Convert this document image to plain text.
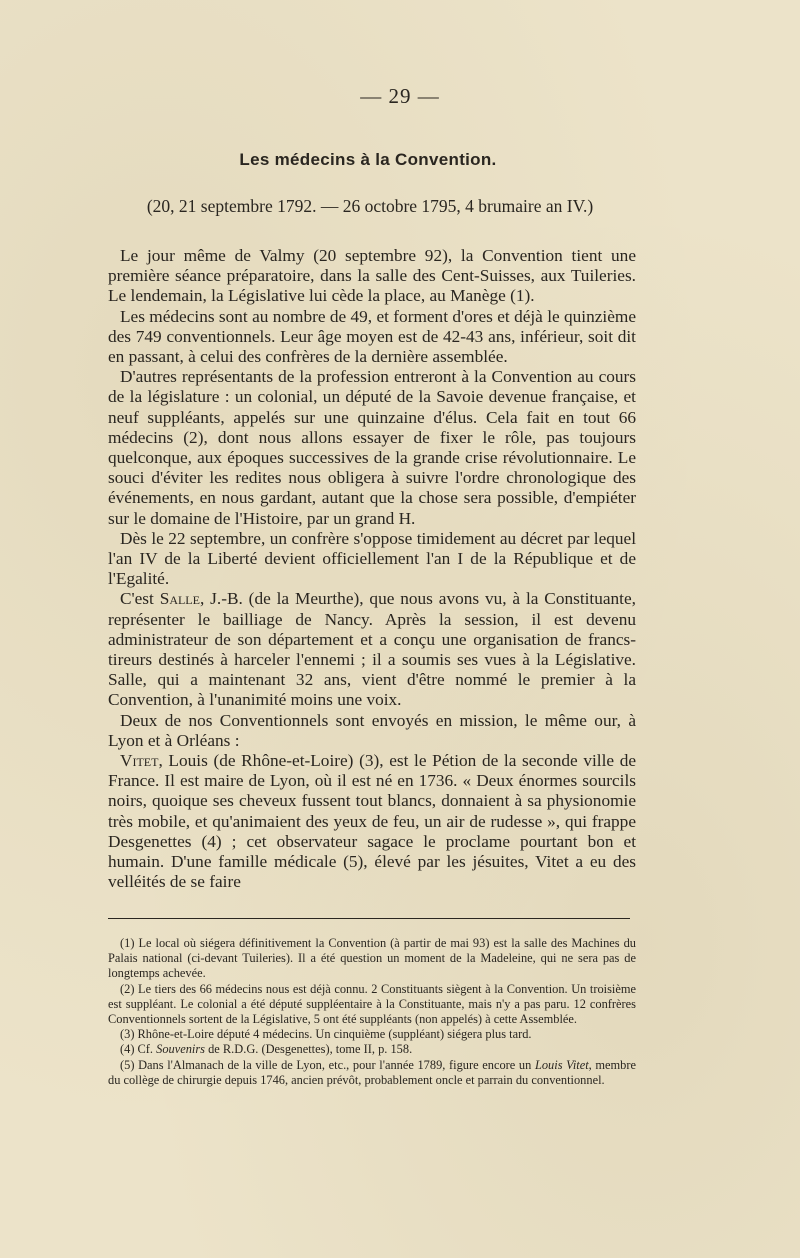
— 29 —
Les médecins à la Convention.
(20, 21 septembre 1792. — 26 octobre 1795, 4 brumaire an IV.)

Le jour même de Valmy (20 septembre 92), la Convention tient une première séance préparatoire, dans la salle des Cent-Suisses, aux Tuileries. Le lendemain, la Législative lui cède la place, au Manège (1).

Les médecins sont au nombre de 49, et forment d'ores et déjà le quinzième des 749 conventionnels. Leur âge moyen est de 42-43 ans, inférieur, soit dit en passant, à celui des confrères de la dernière assemblée.

D'autres représentants de la profession entreront à la Convention au cours de la législature : un colonial, un député de la Savoie devenue française, et neuf suppléants, appelés sur une quinzaine d'élus. Cela fait en tout 66 médecins (2), dont nous allons essayer de fixer le rôle, pas toujours quelconque, aux époques successives de la grande crise révolutionnaire. Le souci d'éviter les redites nous obligera à suivre l'ordre chronologique des événements, en nous gardant, autant que la chose sera possible, d'empiéter sur le domaine de l'Histoire, par un grand H.

Dès le 22 septembre, un confrère s'oppose timidement au décret par lequel l'an IV de la Liberté devient officiellement l'an I de la République et de l'Egalité.

C'est Salle, J.-B. (de la Meurthe), que nous avons vu, à la Constituante, représenter le bailliage de Nancy. Après la session, il est devenu administrateur de son département et a conçu une organisation de francs-tireurs destinés à harceler l'ennemi ; il a soumis ses vues à la Législative. Salle, qui a maintenant 32 ans, vient d'être nommé le premier à la Convention, à l'unanimité moins une voix.

Deux de nos Conventionnels sont envoyés en mission, le même our, à Lyon et à Orléans :

Vitet, Louis (de Rhône-et-Loire) (3), est le Pétion de la seconde ville de France. Il est maire de Lyon, où il est né en 1736. « Deux énormes sourcils noirs, quoique ses cheveux fussent tout blancs, donnaient à sa physionomie très mobile, et qu'animaient des yeux de feu, un air de rudesse », qui frappe Desgenettes (4) ; cet observateur sagace le proclame pourtant bon et humain. D'une famille médicale (5), élevé par les jésuites, Vitet a eu des velléités de se faire

(1) Le local où siégera définitivement la Convention (à partir de mai 93) est la salle des Machines du Palais national (ci-devant Tuileries). Il a été question un moment de la Madeleine, qui ne sera pas de longtemps achevée.

(2) Le tiers des 66 médecins nous est déjà connu. 2 Constituants siègent à la Convention. Un troisième est suppléant. Le colonial a été député suppléentaire à la Constituante, mais n'y a pas paru. 12 confrères Conventionnels sortent de la Législative, 5 ont été suppléants (non appelés) à cette Assemblée.

(3) Rhône-et-Loire député 4 médecins. Un cinquième (suppléant) siégera plus tard.

(4) Cf. Souvenirs de R.D.G. (Desgenettes), tome II, p. 158.

(5) Dans l'Almanach de la ville de Lyon, etc., pour l'année 1789, figure encore un Louis Vitet, membre du collège de chirurgie depuis 1746, ancien prévôt, probablement oncle et parrain du conventionnel.
